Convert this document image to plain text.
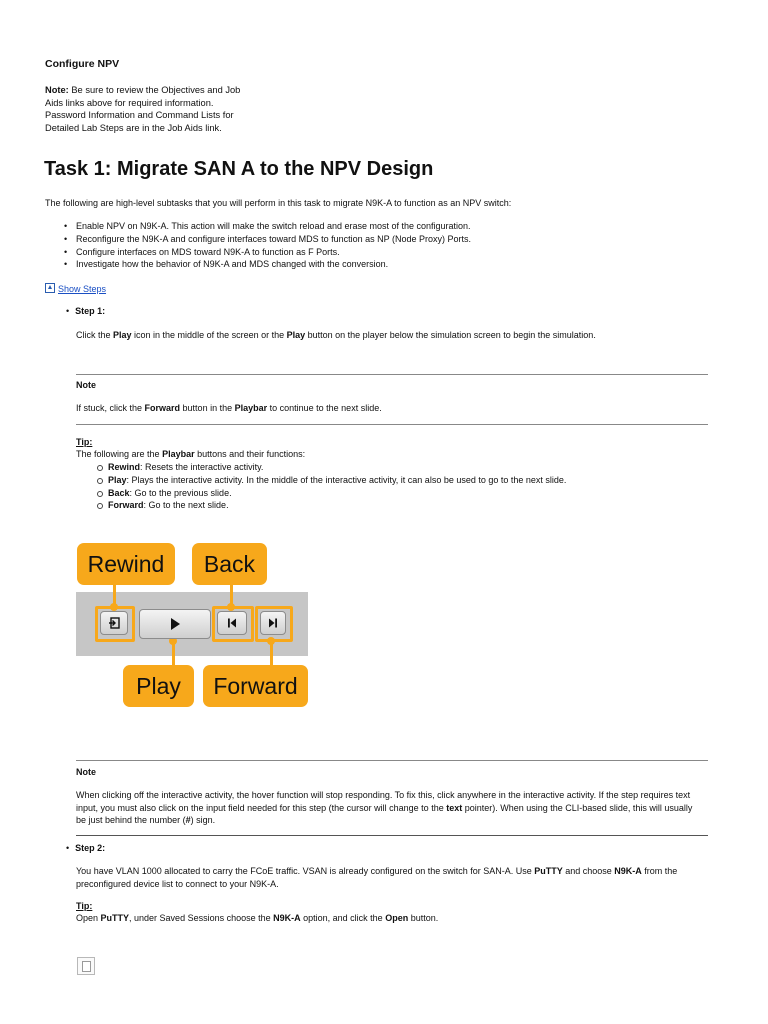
Configure NPV
Note: Be sure to review the Objectives and Job Aids links above for required information. Password Information and Command Lists for Detailed Lab Steps are in the Job Aids link.
Task 1: Migrate SAN A to the NPV Design
The following are high-level subtasks that you will perform in this task to migrate N9K-A to function as an NPV switch:
• Enable NPV on N9K-A. This action will make the switch reload and erase most of the configuration.
• Reconfigure the N9K-A and configure interfaces toward MDS to function as NP (Node Proxy) Ports.
• Configure interfaces on MDS toward N9K-A to function as F Ports.
• Investigate how the behavior of N9K-A and MDS changed with the conversion.
Show Steps
• Step 1:
Click the Play icon in the middle of the screen or the Play button on the player below the simulation screen to begin the simulation.
Note
If stuck, click the Forward button in the Playbar to continue to the next slide.
Tip:
The following are the Playbar buttons and their functions:
Rewind: Resets the interactive activity.
Play: Plays the interactive activity. In the middle of the interactive activity, it can also be used to go to the next slide.
Back: Go to the previous slide.
Forward: Go to the next slide.
Rewind	Back
Play	Forward
Note
When clicking off the interactive activity, the hover function will stop responding. To fix this, click anywhere in the interactive activity. If the step requires text input, you must also click on the input field needed for this step (the cursor will change to the text pointer). When using the CLI-based slide, this will usually be just behind the number (#) sign.
• Step 2:
You have VLAN 1000 allocated to carry the FCoE traffic. VSAN is already configured on the switch for SAN-A. Use PuTTY and choose N9K-A from the preconfigured device list to connect to your N9K-A.
Tip:
Open PuTTY, under Saved Sessions choose the N9K-A option, and click the Open button.
